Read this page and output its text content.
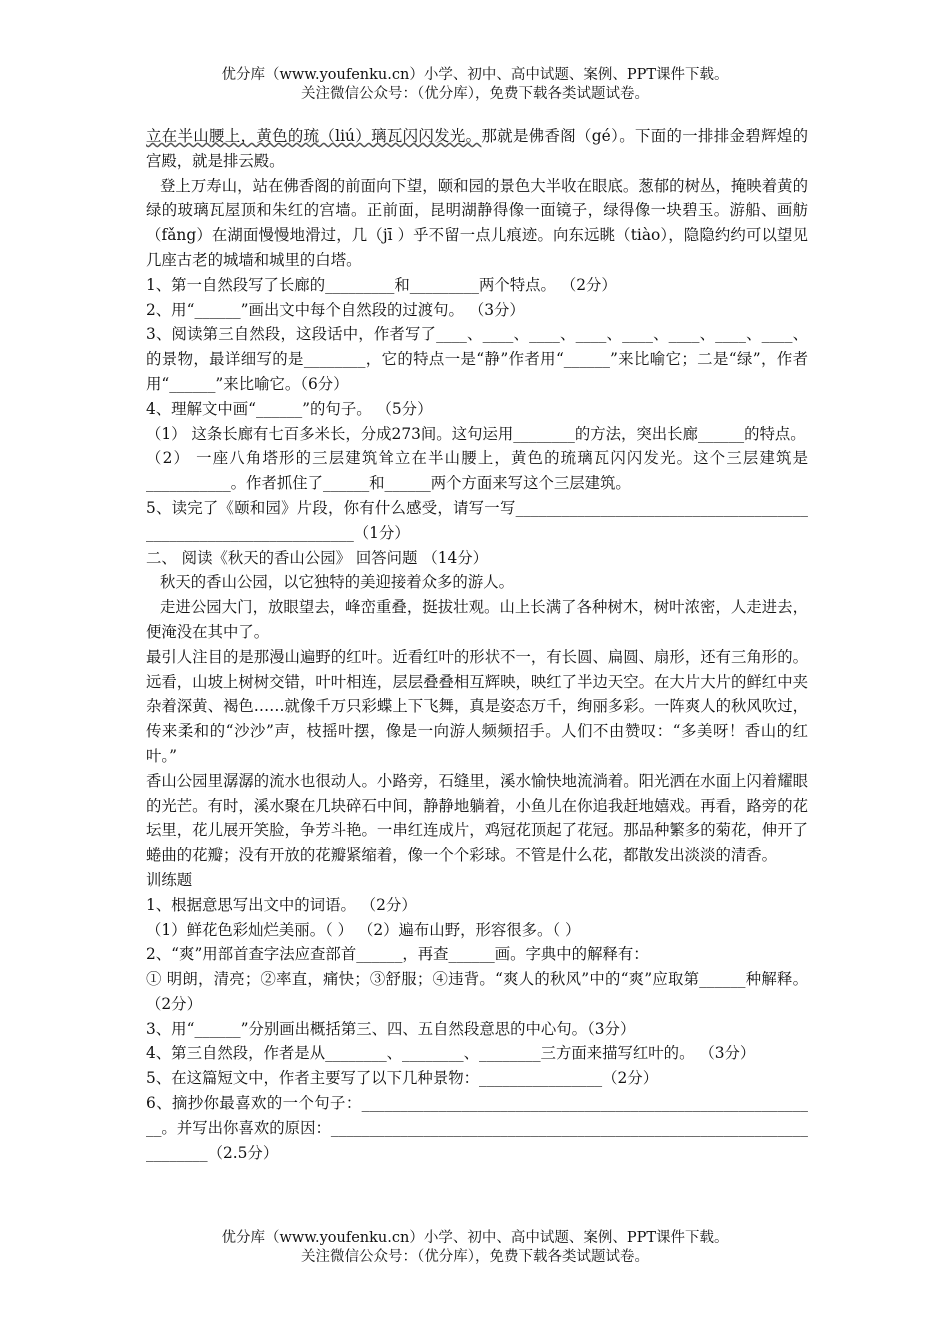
优分库（www.youfenku.cn）小学、初中、高中试题、案例、PPT课件下载。
关注微信公众号：（优分库），免费下载各类试题试卷。

立在半山腰上，黄色的琉（liú）璃瓦闪闪发光。那就是佛香阁（gé）。下面的一排排金碧辉煌的宫殿，就是排云殿。

登上万寿山，站在佛香阁的前面向下望，颐和园的景色大半收在眼底。葱郁的树丛，掩映着黄的绿的玻璃瓦屋顶和朱红的宫墙。正前面，昆明湖静得像一面镜子，绿得像一块碧玉。游船、画舫（fǎng）在湖面慢慢地滑过，几（jī ）乎不留一点儿痕迹。向东远眺（tiào），隐隐约约可以望见几座古老的城墙和城里的白塔。

1、第一自然段写了长廊的_________和_________两个特点。 （2分）

2、用“______”画出文中每个自然段的过渡句。 （3分）

3、阅读第三自然段，这段话中，作者写了____、____、____、____、____、____、____、____、的景物，最详细写的是________，它的特点一是“静”作者用“______”来比喻它；二是“绿”，作者用“______”来比喻它。（6分）

4、理解文中画“______”的句子。 （5分）

（1） 这条长廊有七百多米长，分成273间。这句运用________的方法，突出长廊______的特点。

（2） 一座八角塔形的三层建筑耸立在半山腰上，黄色的琉璃瓦闪闪发光。这个三层建筑是___________。作者抓住了______和______两个方面来写这个三层建筑。

5、读完了《颐和园》片段，你有什么感受，请写一写_________________________________________________________________（1分）

二、 阅读《秋天的香山公园》 回答问题 （14分）

秋天的香山公园，以它独特的美迎接着众多的游人。

走进公园大门，放眼望去，峰峦重叠，挺拔壮观。山上长满了各种树木，树叶浓密，人走进去，便淹没在其中了。

最引人注目的是那漫山遍野的红叶。近看红叶的形状不一，有长圆、扁圆、扇形，还有三角形的。远看，山坡上树树交错，叶叶相连，层层叠叠相互辉映，映红了半边天空。在大片大片的鲜红中夹杂着深黄、褐色……就像千万只彩蝶上下飞舞，真是姿态万千，绚丽多彩。一阵爽人的秋风吹过，传来柔和的“沙沙”声，枝摇叶摆，像是一向游人频频招手。人们不由赞叹：“多美呀！香山的红叶。”

香山公园里潺潺的流水也很动人。小路旁，石缝里，溪水愉快地流淌着。阳光洒在水面上闪着耀眼的光芒。有时，溪水聚在几块碎石中间，静静地躺着，小鱼儿在你追我赶地嬉戏。再看，路旁的花坛里，花儿展开笑脸，争芳斗艳。一串红连成片，鸡冠花顶起了花冠。那品种繁多的菊花，伸开了蜷曲的花瓣；没有开放的花瓣紧缩着，像一个个彩球。不管是什么花，都散发出淡淡的清香。

训练题

1、根据意思写出文中的词语。 （2分）

（1）鲜花色彩灿烂美丽。（ ） （2）遍布山野，形容很多。（ ）

2、“爽”用部首查字法应查部首______，再查______画。字典中的解释有：

① 明朗，清亮；②率直，痛快；③舒服；④违背。“爽人的秋风”中的“爽”应取第______种解释。 （2分）

3、用“______”分别画出概括第三、四、五自然段意思的中心句。（3分）

4、第三自然段，作者是从________、________、________三方面来描写红叶的。 （3分）

5、在这篇短文中，作者主要写了以下几种景物：________________（2分）

6、摘抄你最喜欢的一个句子：____________________________________________________________。并写出你喜欢的原因：______________________________________________________________________（2.5分）

优分库（www.youfenku.cn）小学、初中、高中试题、案例、PPT课件下载。
关注微信公众号：（优分库），免费下载各类试题试卷。
